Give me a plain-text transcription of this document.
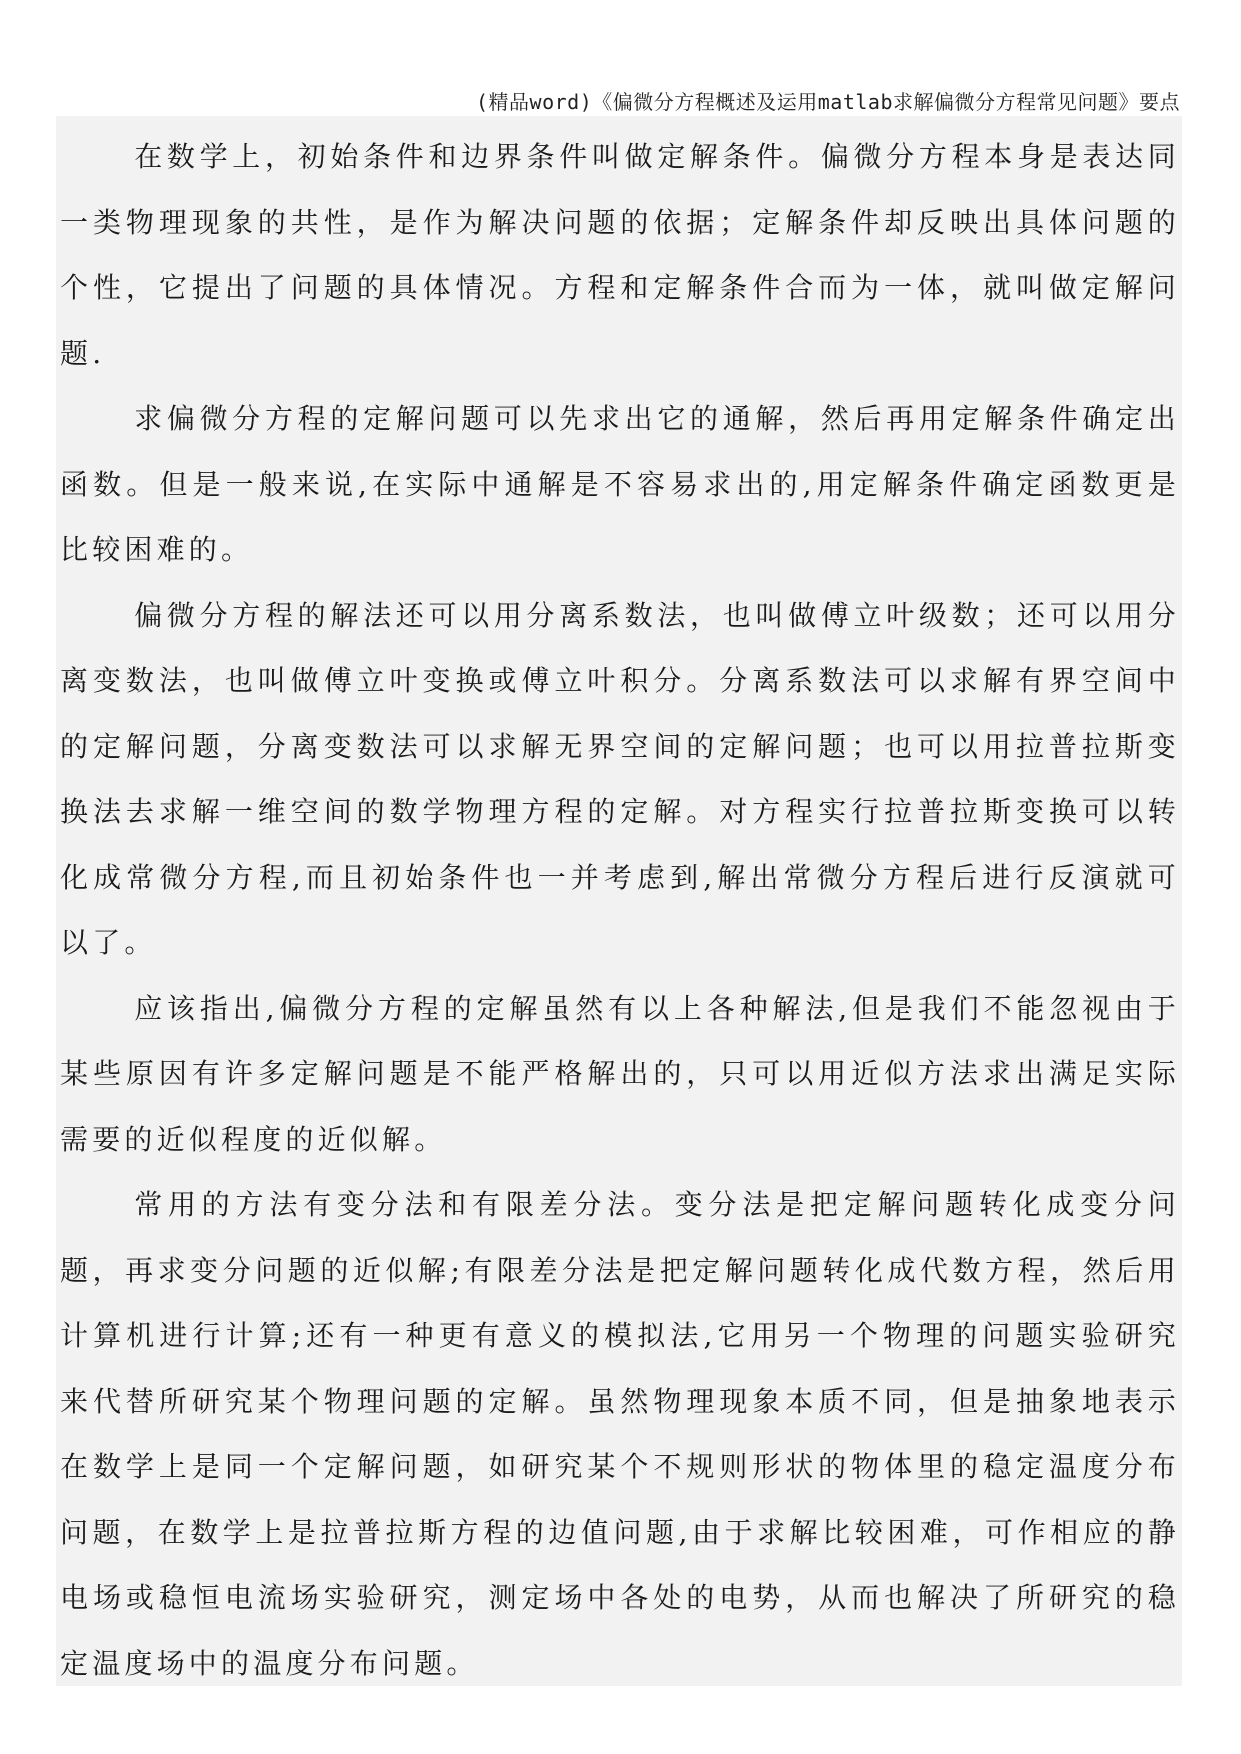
(精品word)《偏微分方程概述及运用matlab求解偏微分方程常见问题》要点

在数学上，初始条件和边界条件叫做定解条件。偏微分方程本身是表达同一类物理现象的共性，是作为解决问题的依据；定解条件却反映出具体问题的个性，它提出了问题的具体情况。方程和定解条件合而为一体，就叫做定解问题.

求偏微分方程的定解问题可以先求出它的通解，然后再用定解条件确定出函数。但是一般来说,在实际中通解是不容易求出的,用定解条件确定函数更是比较困难的。

偏微分方程的解法还可以用分离系数法，也叫做傅立叶级数；还可以用分离变数法，也叫做傅立叶变换或傅立叶积分。分离系数法可以求解有界空间中的定解问题，分离变数法可以求解无界空间的定解问题；也可以用拉普拉斯变换法去求解一维空间的数学物理方程的定解。对方程实行拉普拉斯变换可以转化成常微分方程,而且初始条件也一并考虑到,解出常微分方程后进行反演就可以了。

应该指出,偏微分方程的定解虽然有以上各种解法,但是我们不能忽视由于某些原因有许多定解问题是不能严格解出的，只可以用近似方法求出满足实际需要的近似程度的近似解。

常用的方法有变分法和有限差分法。变分法是把定解问题转化成变分问题，再求变分问题的近似解;有限差分法是把定解问题转化成代数方程，然后用计算机进行计算;还有一种更有意义的模拟法,它用另一个物理的问题实验研究来代替所研究某个物理问题的定解。虽然物理现象本质不同，但是抽象地表示在数学上是同一个定解问题，如研究某个不规则形状的物体里的稳定温度分布问题，在数学上是拉普拉斯方程的边值问题,由于求解比较困难，可作相应的静电场或稳恒电流场实验研究，测定场中各处的电势，从而也解决了所研究的稳定温度场中的温度分布问题。
